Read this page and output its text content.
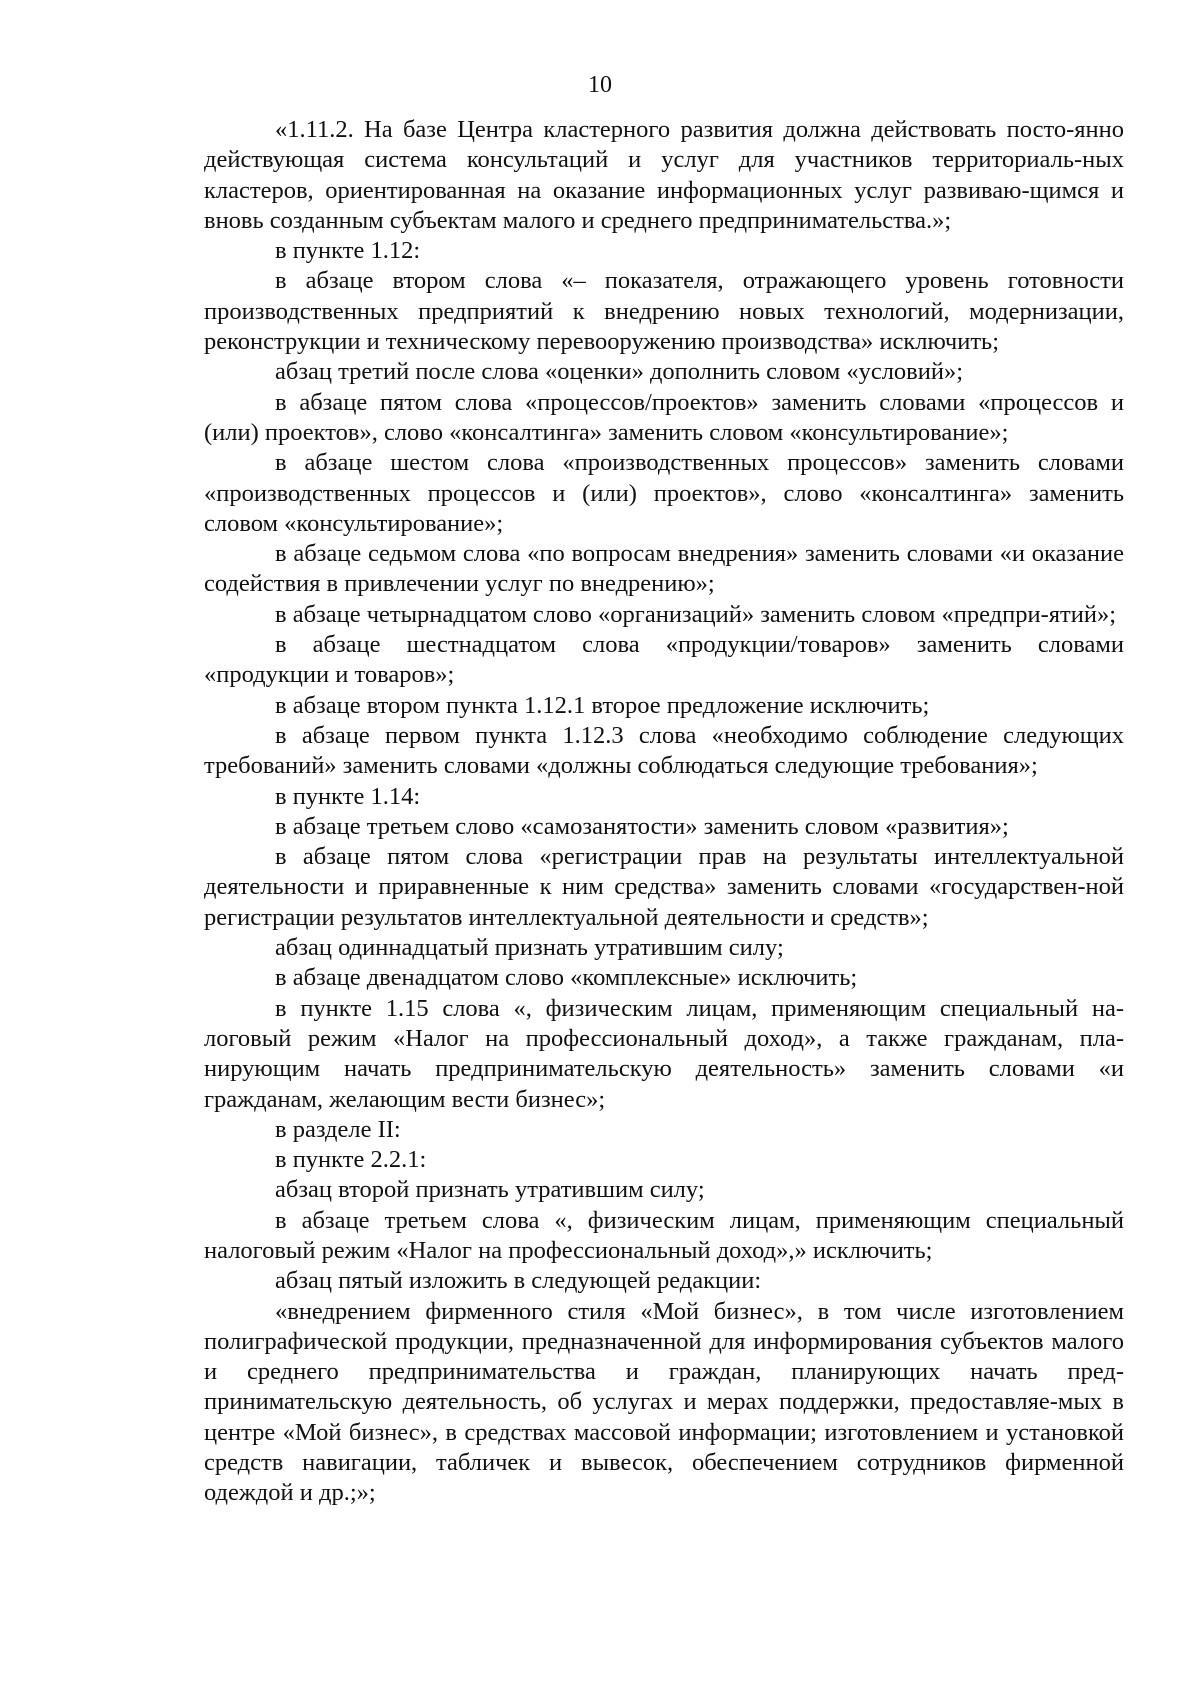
10

«1.11.2. На базе Центра кластерного развития должна действовать посто-янно действующая система консультаций и услуг для участников территориаль-ных кластеров, ориентированная на оказание информационных услуг развиваю-щимся и вновь созданным субъектам малого и среднего предпринимательства.»;

в пункте 1.12:

в абзаце втором слова «– показателя, отражающего уровень готовности производственных предприятий к внедрению новых технологий, модернизации, реконструкции и техническому перевооружению производства» исключить;

абзац третий после слова «оценки» дополнить словом «условий»;

в абзаце пятом слова «процессов/проектов» заменить словами «процессов и (или) проектов», слово «консалтинга» заменить словом «консультирование»;

в абзаце шестом слова «производственных процессов» заменить словами «производственных процессов и (или) проектов», слово «консалтинга» заменить словом «консультирование»;

в абзаце седьмом слова «по вопросам внедрения» заменить словами «и оказание содействия в привлечении услуг по внедрению»;

в абзаце четырнадцатом слово «организаций» заменить словом «предпри-ятий»;

в абзаце шестнадцатом слова «продукции/товаров» заменить словами «продукции и товаров»;

в абзаце втором пункта 1.12.1 второе предложение исключить;

в абзаце первом пункта 1.12.3 слова «необходимо соблюдение следующих требований» заменить словами «должны соблюдаться следующие требования»;

в пункте 1.14:

в абзаце третьем слово «самозанятости» заменить словом «развития»;

в абзаце пятом слова «регистрации прав на результаты интеллектуальной деятельности и приравненные к ним средства» заменить словами «государствен-ной регистрации результатов интеллектуальной деятельности и средств»;

абзац одиннадцатый признать утратившим силу;

в абзаце двенадцатом слово «комплексные» исключить;

в пункте 1.15 слова «, физическим лицам, применяющим специальный на-логовый режим «Налог на профессиональный доход», а также гражданам, пла-нирующим начать предпринимательскую деятельность» заменить словами «и гражданам, желающим вести бизнес»;

в разделе II:

в пункте 2.2.1:

абзац второй признать утратившим силу;

в абзаце третьем слова «, физическим лицам, применяющим специальный налоговый режим «Налог на профессиональный доход»,» исключить;

абзац пятый изложить в следующей редакции:

«внедрением фирменного стиля «Мой бизнес», в том числе изготовлением полиграфической продукции, предназначенной для информирования субъектов малого и среднего предпринимательства и граждан, планирующих начать пред-принимательскую деятельность, об услугах и мерах поддержки, предоставляе-мых в центре «Мой бизнес», в средствах массовой информации; изготовлением и установкой средств навигации, табличек и вывесок, обеспечением сотрудников фирменной одеждой и др.;»;
